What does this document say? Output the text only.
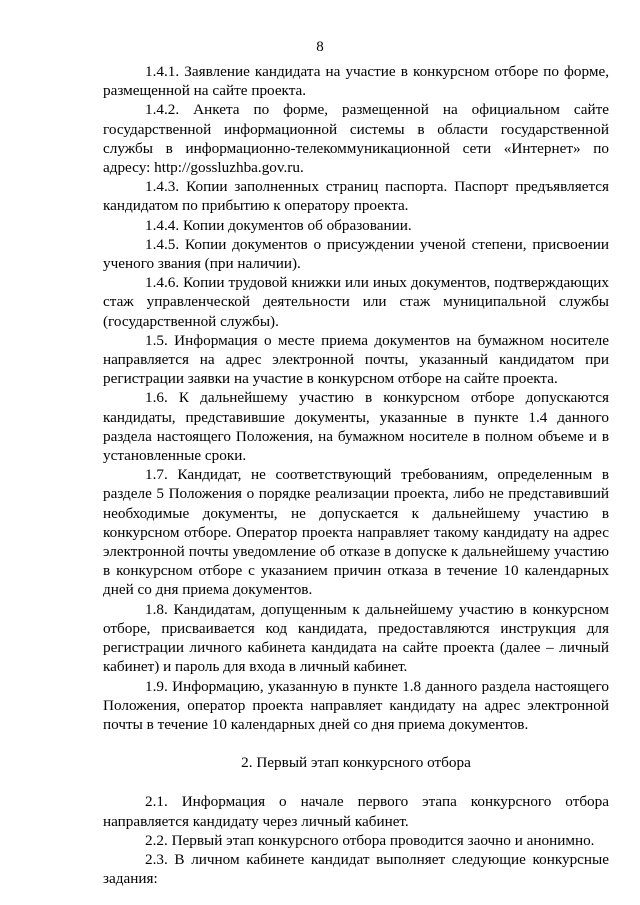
8

1.4.1. Заявление кандидата на участие в конкурсном отборе по форме, размещенной на сайте проекта.

1.4.2. Анкета по форме, размещенной на официальном сайте государственной информационной системы в области государственной службы в информационно-телекоммуникационной сети «Интернет» по адресу: http://gossluzhba.gov.ru.

1.4.3. Копии заполненных страниц паспорта. Паспорт предъявляется кандидатом по прибытию к оператору проекта.

1.4.4. Копии документов об образовании.

1.4.5. Копии документов о присуждении ученой степени, присвоении ученого звания (при наличии).

1.4.6. Копии трудовой книжки или иных документов, подтверждающих стаж управленческой деятельности или стаж муниципальной службы (государственной службы).

1.5. Информация о месте приема документов на бумажном носителе направляется на адрес электронной почты, указанный кандидатом при регистрации заявки на участие в конкурсном отборе на сайте проекта.

1.6. К дальнейшему участию в конкурсном отборе допускаются кандидаты, представившие документы, указанные в пункте 1.4 данного раздела настоящего Положения, на бумажном носителе в полном объеме и в установленные сроки.

1.7. Кандидат, не соответствующий требованиям, определенным в разделе 5 Положения о порядке реализации проекта, либо не представивший необходимые документы, не допускается к дальнейшему участию в конкурсном отборе. Оператор проекта направляет такому кандидату на адрес электронной почты уведомление об отказе в допуске к дальнейшему участию в конкурсном отборе с указанием причин отказа в течение 10 календарных дней со дня приема документов.

1.8. Кандидатам, допущенным к дальнейшему участию в конкурсном отборе, присваивается код кандидата, предоставляются инструкция для регистрации личного кабинета кандидата на сайте проекта (далее – личный кабинет) и пароль для входа в личный кабинет.

1.9. Информацию, указанную в пункте 1.8 данного раздела настоящего Положения, оператор проекта направляет кандидату на адрес электронной почты в течение 10 календарных дней со дня приема документов.

2. Первый этап конкурсного отбора

2.1. Информация о начале первого этапа конкурсного отбора направляется кандидату через личный кабинет.

2.2. Первый этап конкурсного отбора проводится заочно и анонимно.

2.3. В личном кабинете кандидат выполняет следующие конкурсные задания:
